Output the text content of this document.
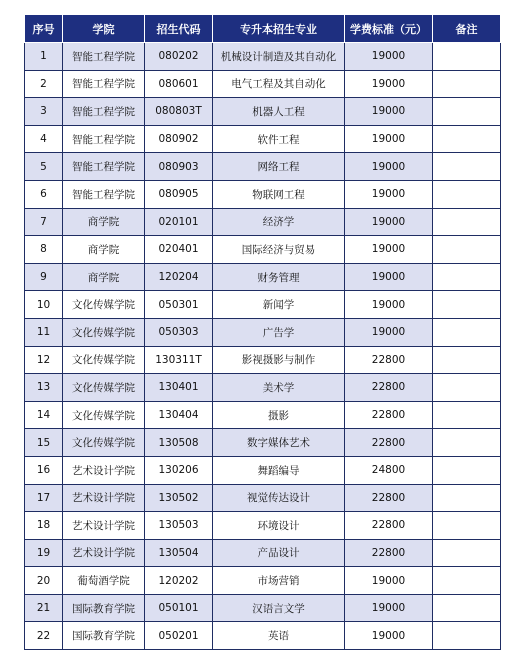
序号	学院	招生代码	专升本招生专业	学费标准（元）	备注
1	智能工程学院	080202	机械设计制造及其自动化	19000	
2	智能工程学院	080601	电气工程及其自动化	19000	
3	智能工程学院	080803T	机器人工程	19000	
4	智能工程学院	080902	软件工程	19000	
5	智能工程学院	080903	网络工程	19000	
6	智能工程学院	080905	物联网工程	19000	
7	商学院	020101	经济学	19000	
8	商学院	020401	国际经济与贸易	19000	
9	商学院	120204	财务管理	19000	
10	文化传媒学院	050301	新闻学	19000	
11	文化传媒学院	050303	广告学	19000	
12	文化传媒学院	130311T	影视摄影与制作	22800	
13	文化传媒学院	130401	美术学	22800	
14	文化传媒学院	130404	摄影	22800	
15	文化传媒学院	130508	数字媒体艺术	22800	
16	艺术设计学院	130206	舞蹈编导	24800	
17	艺术设计学院	130502	视觉传达设计	22800	
18	艺术设计学院	130503	环境设计	22800	
19	艺术设计学院	130504	产品设计	22800	
20	葡萄酒学院	120202	市场营销	19000	
21	国际教育学院	050101	汉语言文学	19000	
22	国际教育学院	050201	英语	19000	
